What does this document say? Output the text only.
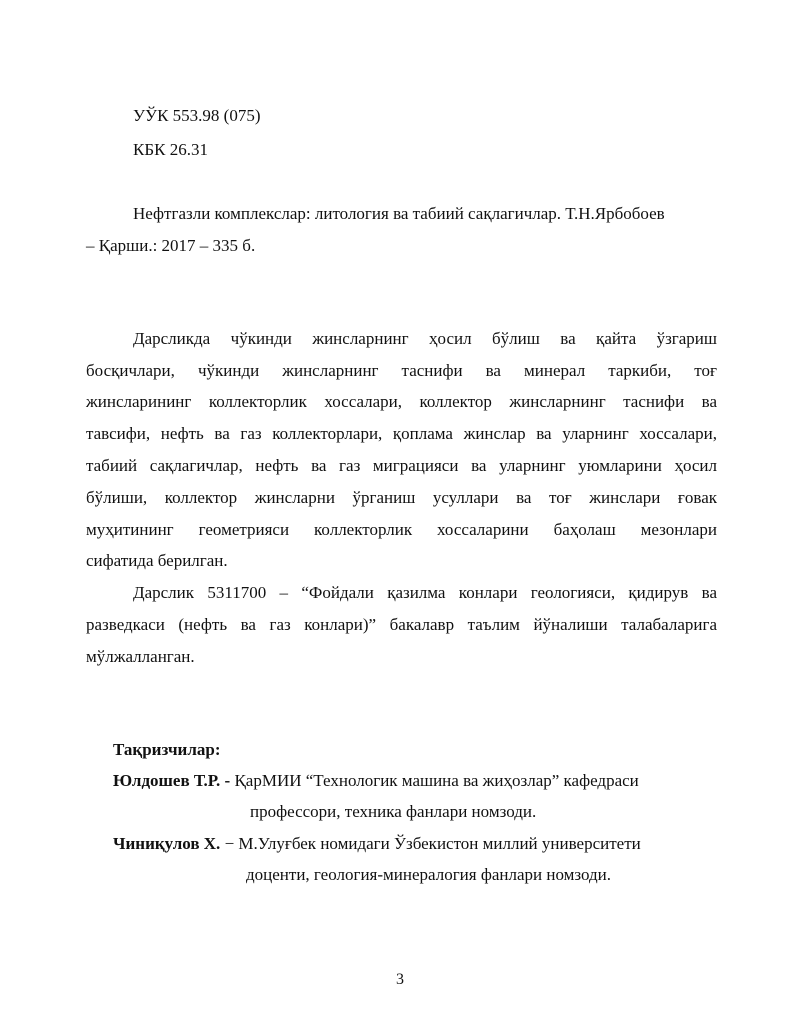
УЎК 553.98 (075)
КБК 26.31
Нефтгазли комплекслар: литология ва табиий сақлагичлар. Т.Н.Ярбобоев
– Қарши.: 2017 – 335 б.
Дарсликда чўкинди жинсларнинг ҳосил бўлиш ва қайта ўзгариш
босқичлари, чўкинди жинсларнинг таснифи ва минерал таркиби, тоғ
жинсларининг коллекторлик хоссалари, коллектор жинсларнинг таснифи ва
тавсифи, нефть ва газ коллекторлари, қоплама жинслар ва уларнинг хоссалари,
табиий сақлагичлар, нефть ва газ миграцияси ва уларнинг уюмларини ҳосил
бўлиши, коллектор жинсларни ўрганиш усуллари ва тоғ жинслари ғовак
муҳитининг геометрияси коллекторлик хоссаларини баҳолаш мезонлари
сифатида берилган.
Дарслик 5311700 – “Фойдали қазилма конлари геологияси, қидирув ва
разведкаси (нефть ва газ конлари)” бакалавр таълим йўналиши талабаларига
мўлжалланган.
Тақризчилар:
Юлдошев Т.Р. - ҚарМИИ “Технологик машина ва жиҳозлар” кафедраси
профессори, техника фанлари номзоди.
Чиниқулов Х. − М.Улуғбек номидаги Ўзбекистон миллий университети
доценти, геология-минералогия фанлари номзоди.
3
